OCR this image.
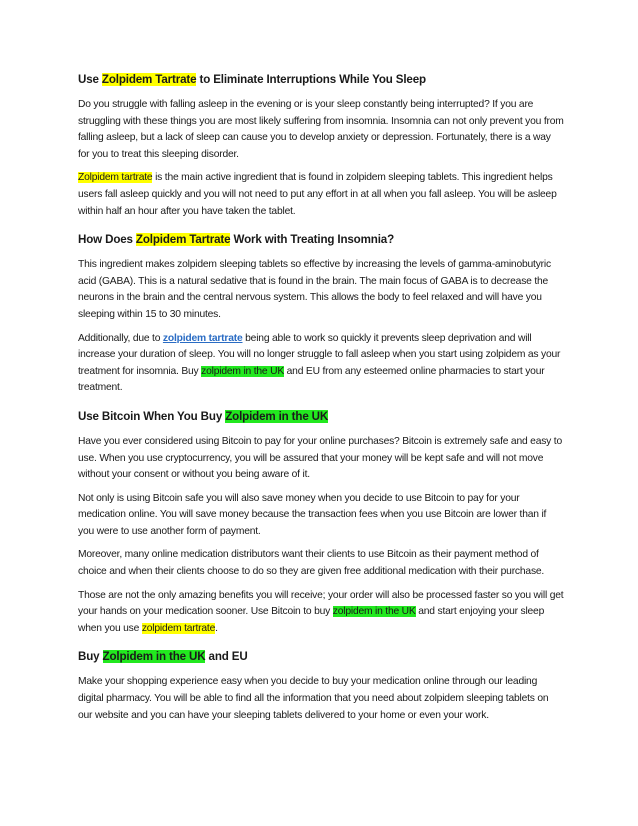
Use Zolpidem Tartrate to Eliminate Interruptions While You Sleep

Do you struggle with falling asleep in the evening or is your sleep constantly being interrupted? If you are struggling with these things you are most likely suffering from insomnia. Insomnia can not only prevent you from falling asleep, but a lack of sleep can cause you to develop anxiety or depression. Fortunately, there is a way for you to treat this sleeping disorder.

Zolpidem tartrate is the main active ingredient that is found in zolpidem sleeping tablets. This ingredient helps users fall asleep quickly and you will not need to put any effort in at all when you fall asleep. You will be asleep within half an hour after you have taken the tablet.

How Does Zolpidem Tartrate Work with Treating Insomnia?

This ingredient makes zolpidem sleeping tablets so effective by increasing the levels of gamma-aminobutyric acid (GABA). This is a natural sedative that is found in the brain. The main focus of GABA is to decrease the neurons in the brain and the central nervous system. This allows the body to feel relaxed and will have you sleeping within 15 to 30 minutes.

Additionally, due to zolpidem tartrate being able to work so quickly it prevents sleep deprivation and will increase your duration of sleep. You will no longer struggle to fall asleep when you start using zolpidem as your treatment for insomnia. Buy zolpidem in the UK and EU from any esteemed online pharmacies to start your treatment.

Use Bitcoin When You Buy Zolpidem in the UK

Have you ever considered using Bitcoin to pay for your online purchases? Bitcoin is extremely safe and easy to use. When you use cryptocurrency, you will be assured that your money will be kept safe and will not move without your consent or without you being aware of it.

Not only is using Bitcoin safe you will also save money when you decide to use Bitcoin to pay for your medication online. You will save money because the transaction fees when you use Bitcoin are lower than if you were to use another form of payment.

Moreover, many online medication distributors want their clients to use Bitcoin as their payment method of choice and when their clients choose to do so they are given free additional medication with their purchase.

Those are not the only amazing benefits you will receive; your order will also be processed faster so you will get your hands on your medication sooner. Use Bitcoin to buy zolpidem in the UK and start enjoying your sleep when you use zolpidem tartrate.

Buy Zolpidem in the UK and EU

Make your shopping experience easy when you decide to buy your medication online through our leading digital pharmacy. You will be able to find all the information that you need about zolpidem sleeping tablets on our website and you can have your sleeping tablets delivered to your home or even your work.
